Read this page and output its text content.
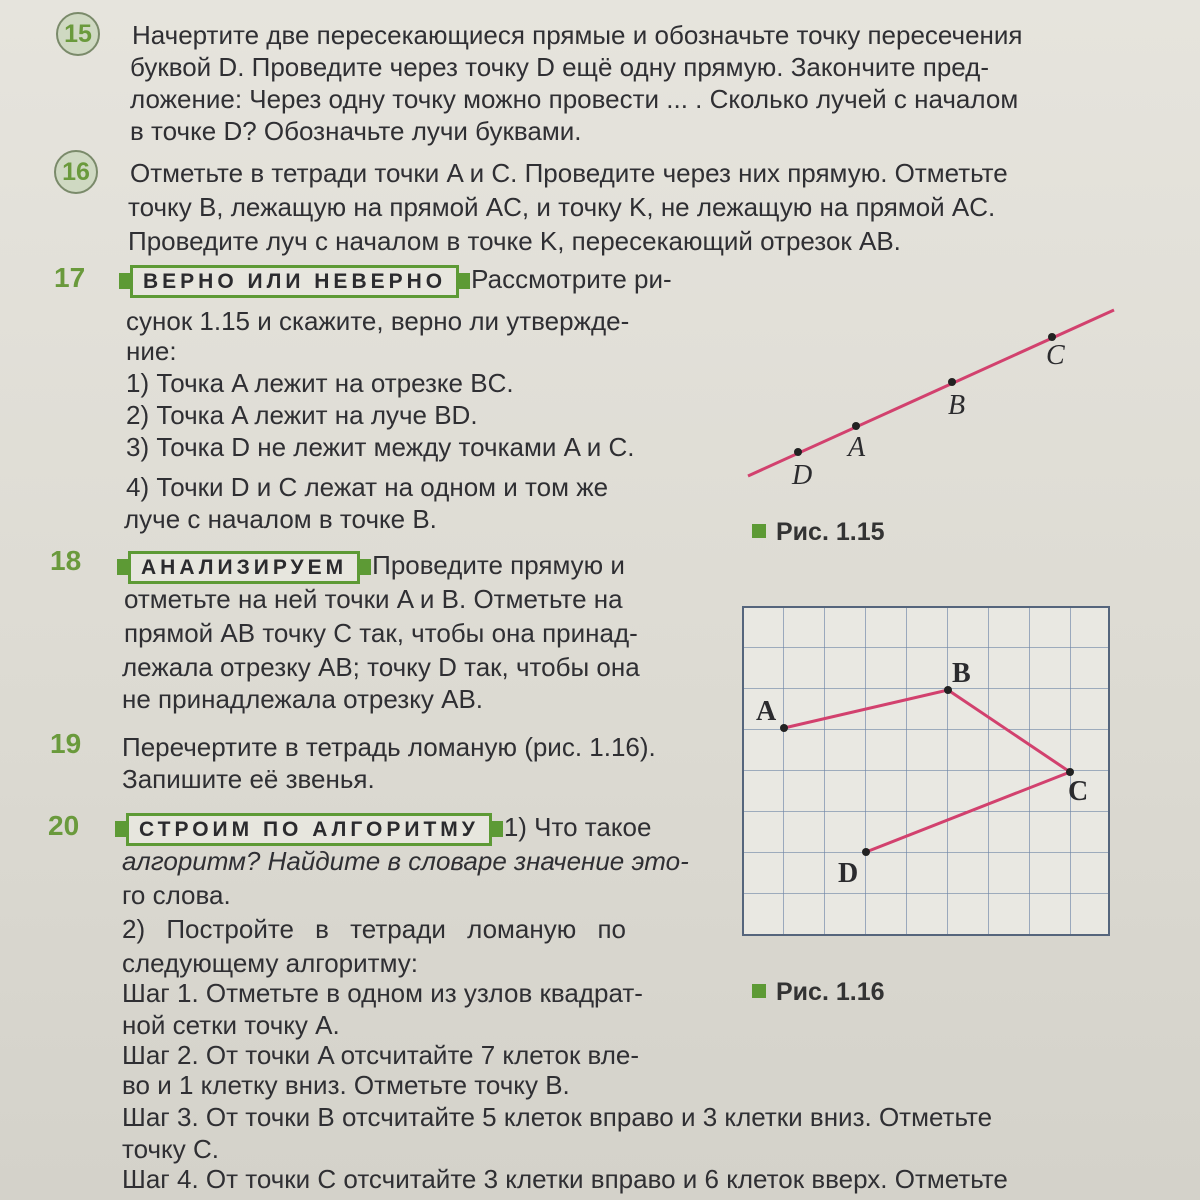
15	Начертите две пересекающиеся прямые и обозначьте точку пересечения
буквой D. Проведите через точку D ещё одну прямую. Закончите пред-
ложение: Через одну точку можно провести ... . Сколько лучей с началом
в точке D? Обозначьте лучи буквами.
16	Отметьте в тетради точки A и C. Проведите через них прямую. Отметьте
точку B, лежащую на прямой AC, и точку K, не лежащую на прямой AC.
Проведите луч с началом в точке K, пересекающий отрезок AB.
17	ВЕРНО ИЛИ НЕВЕРНО Рассмотрите ри-
сунок 1.15 и скажите, верно ли утвержде-
ние:
1) Точка A лежит на отрезке BC.
2) Точка A лежит на луче BD.
3) Точка D не лежит между точками A и C.
4) Точки D и C лежат на одном и том же
луче с началом в точке B.
C
B
A
D
Рис. 1.15
18	АНАЛИЗИРУЕМ Проведите прямую и
отметьте на ней точки A и B. Отметьте на
прямой AB точку C так, чтобы она принад-
лежала отрезку AB; точку D так, чтобы она
не принадлежала отрезку AB.
19 Перечертите в тетрадь ломаную (рис. 1.16).
Запишите её звенья.
A
B
C
D
Рис. 1.16
20	СТРОИМ ПО АЛГОРИТМУ 1) Что такое
алгоритм? Найдите в словаре значение это-
го слова.
2) Постройте в тетради ломаную по
следующему алгоритму:
Шаг 1. Отметьте в одном из узлов квадрат-
ной сетки точку A.
Шаг 2. От точки A отсчитайте 7 клеток вле-
во и 1 клетку вниз. Отметьте точку B.
Шаг 3. От точки B отсчитайте 5 клеток вправо и 3 клетки вниз. Отметьте
точку C.
Шаг 4. От точки C отсчитайте 3 клетки вправо и 6 клеток вверх. Отметьте
